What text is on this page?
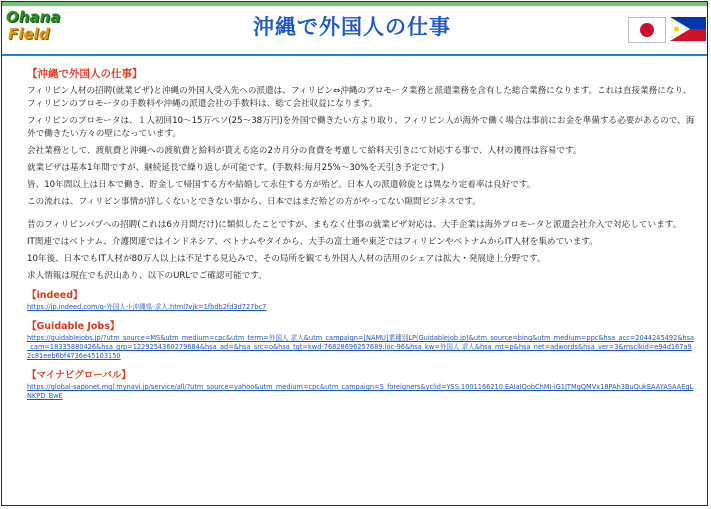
Ohana
Field	沖縄で外国人の仕事
【沖縄で外国人の仕事】

フィリピン人材の招聘(就業ビザ)と沖縄の外国人受入先への派遣は、フィリピン⇔沖縄のプロモータ業務と派遣業務を含有した総合業務になります。これは直接業務になり、フィリピンのプロモータの手数料や沖縄の派遣会社の手数料は、総て会社収益になります。

フィリピンのプロモータは、１人初回10～15万ペソ(25～38万円)を外国で働きたい方より取り、フィリピン人が海外で働く場合は事前にお金を準備する必要があるので、海外で働きたい方々の壁になっています。

会社業務として、渡航費と沖縄への渡航費と給料が貰える迄の2カ月分の食費を考慮して給料天引きにて対応する事で、人材の獲得は容易です。

就業ビザは基本1年間ですが、継続延長で繰り返しが可能です。(手数料:毎月25%～30%を天引き予定です。)

皆、10年間以上は日本で働き、貯金して帰国する方や結婚して永住する方が殆ど。日本人の派遣斡旋とは異なり定着率は良好です。

この流れは、フィリピン事情が詳しくないとできない事から、日本ではまだ殆どの方がやってない隙間ビジネスです。

昔のフィリピンパブへの招聘(これは6カ月間だけ)に類似したことですが、まもなく仕事の就業ビザ対応は、大手企業は海外プロモータと派遣会社介入で対応しています。

IT関連ではベトナム、介護関連ではインドネシア、ベトナムやタイから、大手の富士通や東芝ではフィリピンやベトナムからIT人材を集めています。

10年後、日本でもIT人材が80万人以上は不足する見込みで、その局所を観ても外国人人材の活用のシェアは拡大・発展途上分野です。

求人情報は現在でも沢山あり、以下のURLでご確認可能です。

【indeed】
https://jp.indeed.com/q-外国人-l-沖縄県-求人.html?vjk=1fbdb2fd3d727bc7
【Guidable Jobs】
https://guidablejobs.jp/?utm_source=MS&utm_medium=cpc&utm_term=外国人 求人&utm_campaign=[NAMU]業種別LP(Guidablejob.jp)&utm_source=bing&utm_medium=ppc&hsa_acc=2044245492&hsa_cam=18335880426&hsa_grp=1229254360279684&hsa_ad=&hsa_src=o&hsa_tgt=kwd-76828696257689:loc-96&hsa_kw=外国人 求人&hsa_mt=p&hsa_net=adwords&hsa_ver=3&msclkid=e94d167a92c81eeb6bf4736e45103150
【マイナビグローバル】
https://global-saponet.mgl.mynavi.jp/service/all/?utm_source=yahoo&utm_medium=cpc&utm_campaign=S_foreigners&yclid=YSS.1001166210.EAIaIQobChMI-iG1JTMgQMVx18PAh3BuQukEAAYASAAEgLNKPD_BwE
